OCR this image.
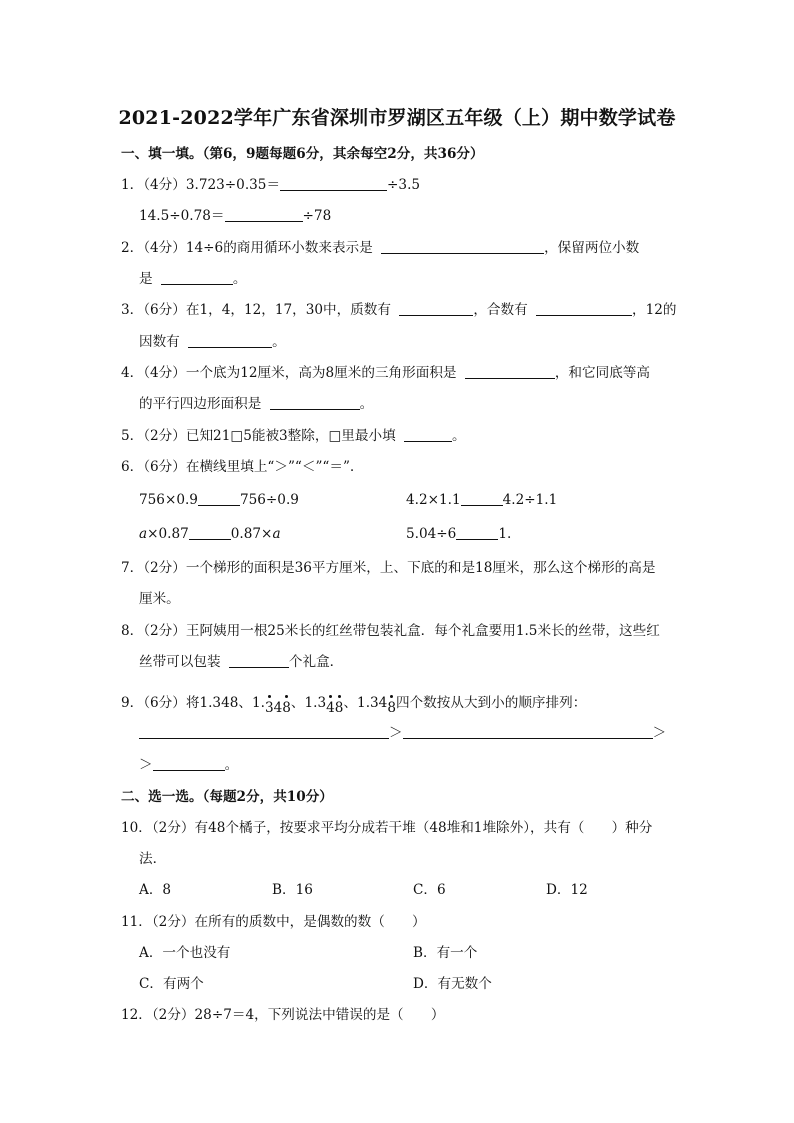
2021-2022学年广东省深圳市罗湖区五年级（上）期中数学试卷
一、填一填。（第6，9题每题6分，其余每空2分，共36分）
1．（4分）3.723÷0.35＝	÷3.5
14.5÷0.78＝	÷78
2．（4分）14÷6的商用循环小数来表示是	，保留两位小数
是	。
3．（6分）在1，4，12，17，30中，质数有	，合数有	，12的
因数有	。
4．（4分）一个底为12厘米，高为8厘米的三角形面积是	，和它同底等高
的平行四边形面积是	。
5．（2分）已知21□5能被3整除，□里最小填	。
6．（6分）在横线里填上“＞”“＜”“＝”.
756×0.9	756÷0.9	4.2×1.1	4.2÷1.1
a×0.87	0.87×a	5.04÷6	1.
7．（2分）一个梯形的面积是36平方厘米，上、下底的和是18厘米，那么这个梯形的高是
厘米。
8．（2分）王阿姨用一根25米长的红丝带包装礼盒．每个礼盒要用1.5米长的丝带，这些红
丝带可以包装	个礼盒．
9．（6分）将1.348、1.
34
8、1.3
4
8、1.34
8四个数按从大到小的顺序排列：
＞	＞
＞	。
二、选一选。（每题2分，共10分）
10．（2分）有48个橘子，按要求平均分成若干堆（48堆和1堆除外），共有（　　）种分
法．
A．8	B．16	C．6	D．12
11．（2分）在所有的质数中，是偶数的数（　　）
A．一个也没有	B．有一个
C．有两个	D．有无数个
12．（2分）28÷7＝4，下列说法中错误的是（　　）
